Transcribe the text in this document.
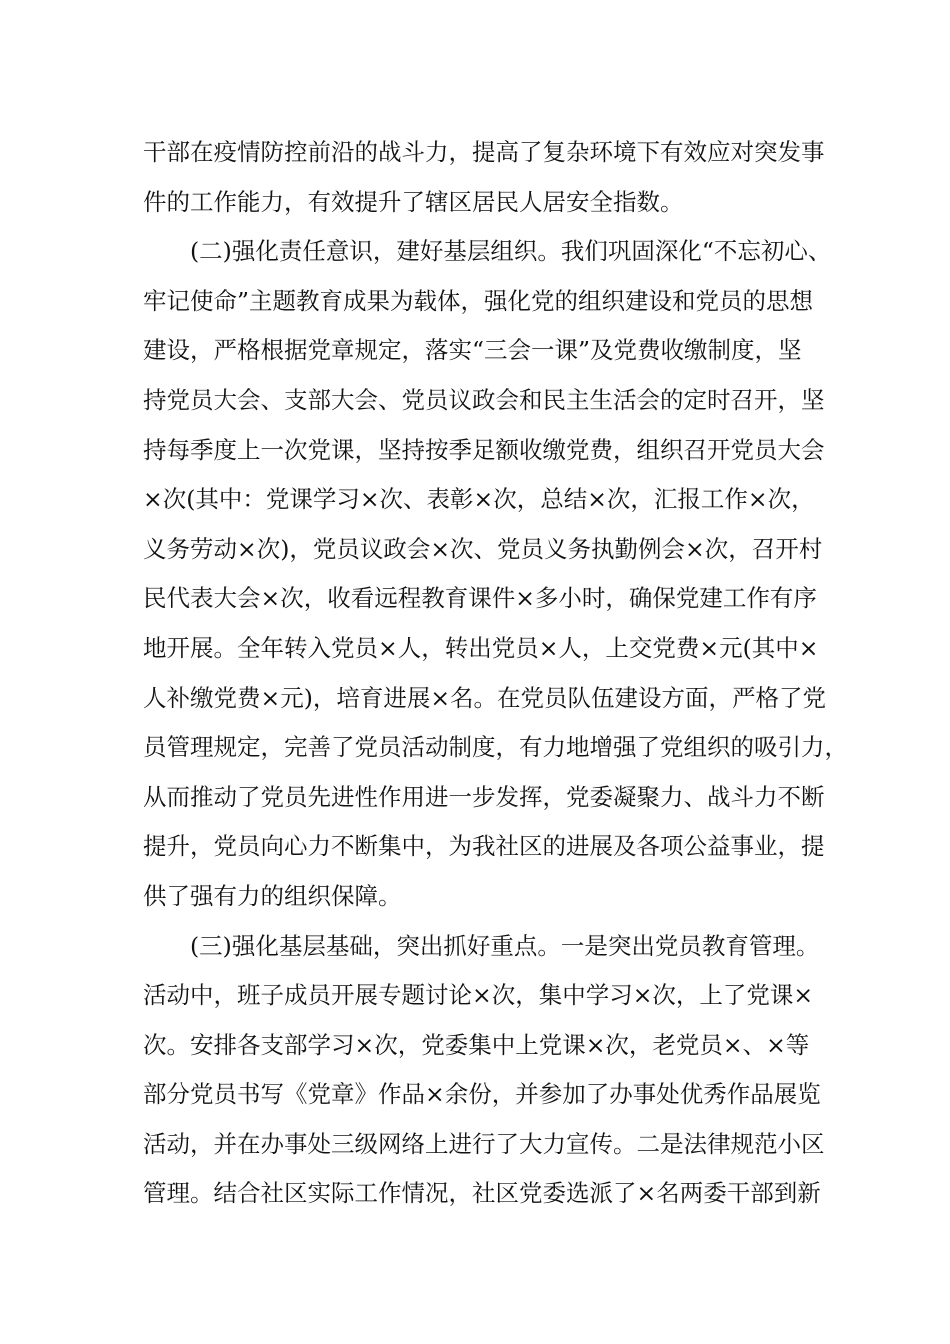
干部在疫情防控前沿的战斗力，提高了复杂环境下有效应对突发事
件的工作能力，有效提升了辖区居民人居安全指数。
(二)强化责任意识，建好基层组织。我们巩固深化“不忘初心、
牢记使命”主题教育成果为载体，强化党的组织建设和党员的思想
建设，严格根据党章规定，落实“三会一课”及党费收缴制度，坚
持党员大会、支部大会、党员议政会和民主生活会的定时召开，坚
持每季度上一次党课，坚持按季足额收缴党费，组织召开党员大会
×次(其中：党课学习×次、表彰×次，总结×次，汇报工作×次，
义务劳动×次)，党员议政会×次、党员义务执勤例会×次，召开村
民代表大会×次，收看远程教育课件×多小时，确保党建工作有序
地开展。全年转入党员×人，转出党员×人，上交党费×元(其中×
人补缴党费×元)，培育进展×名。在党员队伍建设方面，严格了党
员管理规定，完善了党员活动制度，有力地增强了党组织的吸引力，
从而推动了党员先进性作用进一步发挥，党委凝聚力、战斗力不断
提升，党员向心力不断集中，为我社区的进展及各项公益事业，提
供了强有力的组织保障。
(三)强化基层基础，突出抓好重点。一是突出党员教育管理。
活动中，班子成员开展专题讨论×次，集中学习×次，上了党课×
次。安排各支部学习×次，党委集中上党课×次，老党员×、×等
部分党员书写《党章》作品×余份，并参加了办事处优秀作品展览
活动，并在办事处三级网络上进行了大力宣传。二是法律规范小区
管理。结合社区实际工作情况，社区党委选派了×名两委干部到新
